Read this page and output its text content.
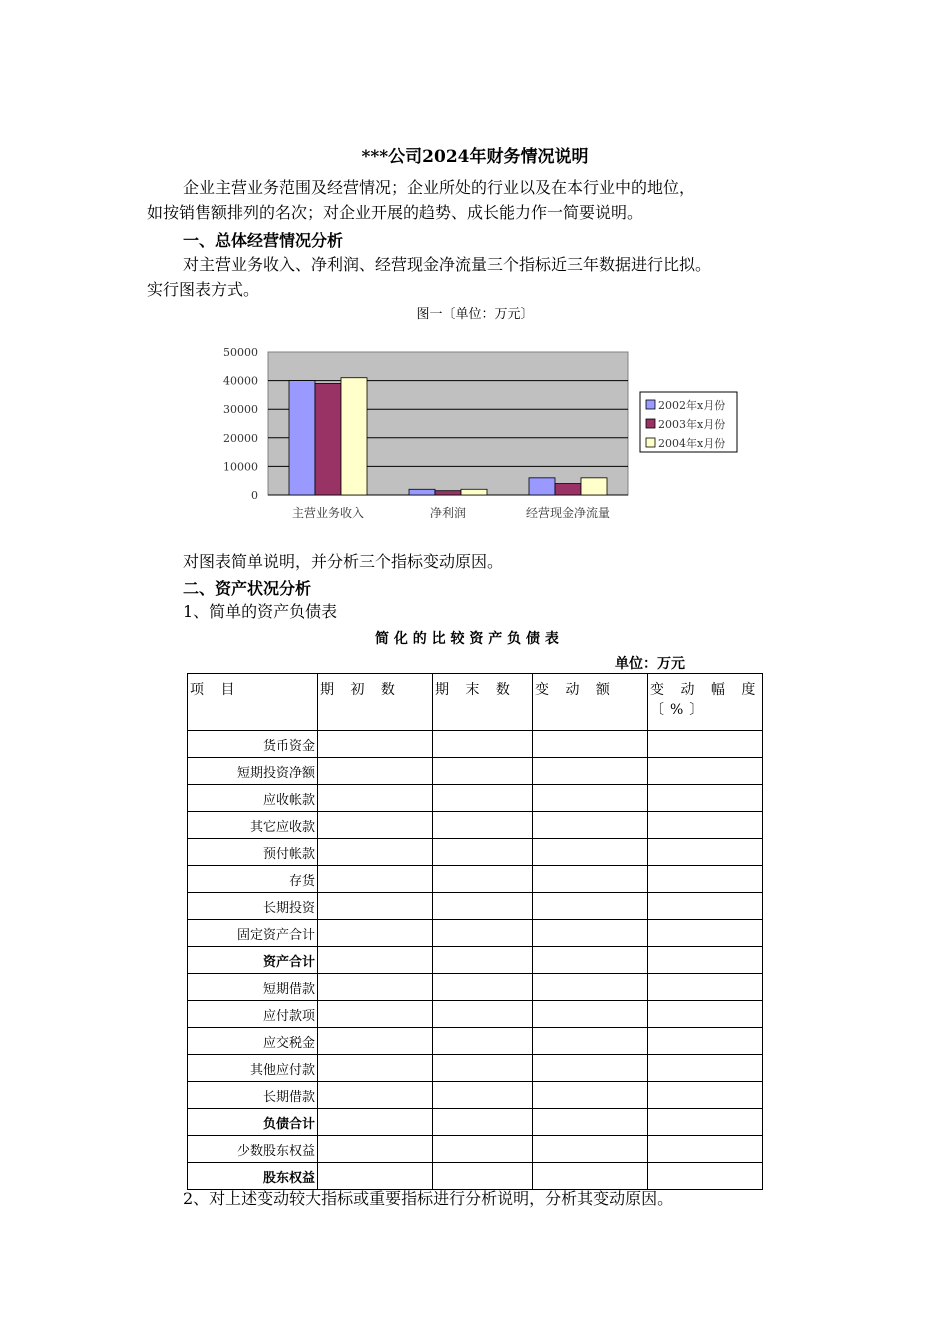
***公司2024年财务情况说明
企业主营业务范围及经营情况；企业所处的行业以及在本行业中的地位，
如按销售额排列的名次；对企业开展的趋势、成长能力作一简要说明。
一、总体经营情况分析
对主营业务收入、净利润、经营现金净流量三个指标近三年数据进行比拟。
实行图表方式。
图一〔单位：万元〕
0
10000
20000
30000
40000
50000
主营业务收入	净利润	经营现金净流量
2002年x月份
2003年x月份
2004年x月份
对图表简单说明，并分析三个指标变动原因。
二、资产状况分析
1、简单的资产负债表
简 化 的 比 较 资 产 负 债 表
单位：万元
项 目	期 初 数	期 末 数	变 动 额	变 动 幅 度〔%〕
货币资金				
短期投资净额				
应收帐款				
其它应收款				
预付帐款				
存货				
长期投资				
固定资产合计				
资产合计				
短期借款				
应付款项				
应交税金				
其他应付款				
长期借款				
负债合计				
少数股东权益				
股东权益				
2、对上述变动较大指标或重要指标进行分析说明，分析其变动原因。
